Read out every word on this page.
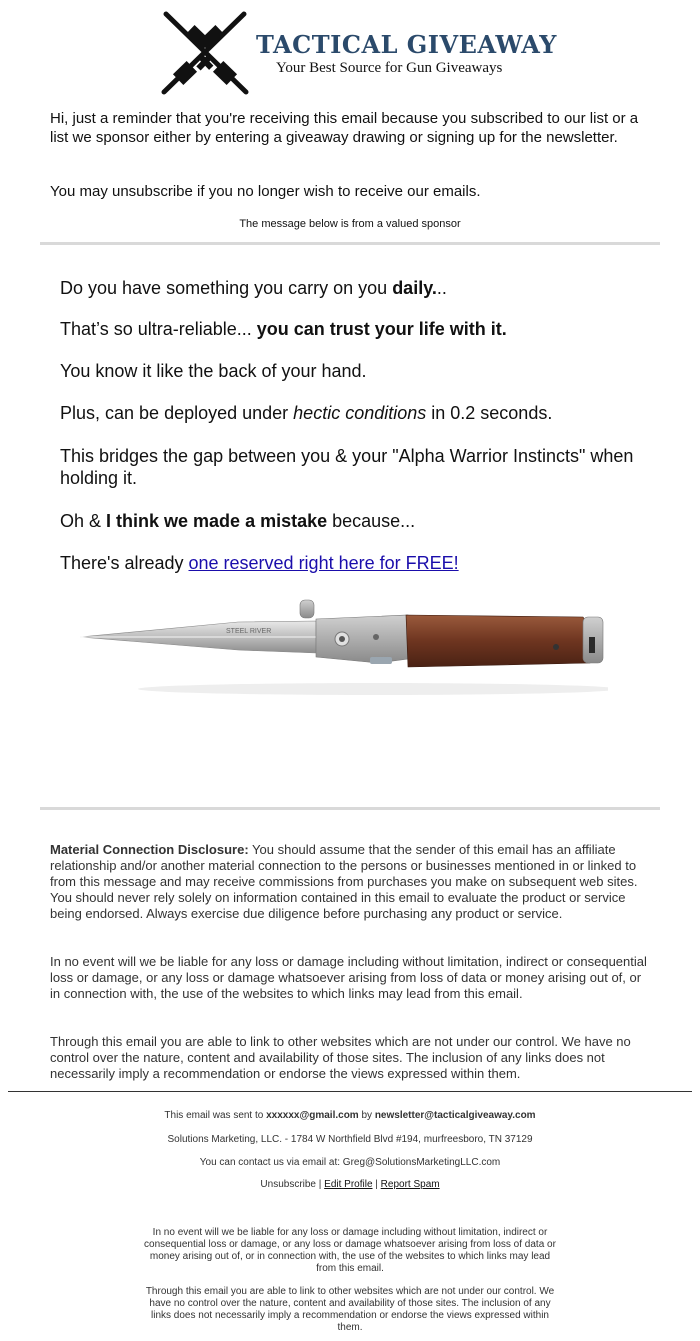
TACTICAL GIVEAWAY
Your Best Source for Gun Giveaways
Hi, just a reminder that you're receiving this email because you subscribed to our list or a list we sponsor either by entering a giveaway drawing or signing up for the newsletter.
You may unsubscribe if you no longer wish to receive our emails.
The message below is from a valued sponsor
Do you have something you carry on you daily...
That’s so ultra-reliable... you can trust your life with it.
You know it like the back of your hand.
Plus, can be deployed under hectic conditions in 0.2 seconds.
This bridges the gap between you & your "Alpha Warrior Instincts" when holding it.
Oh & I think we made a mistake because...
There's already one reserved right here for FREE!
STEEL RIVER
Material Connection Disclosure: You should assume that the sender of this email has an affiliate relationship and/or another material connection to the persons or businesses mentioned in or linked to from this message and may receive commissions from purchases you make on subsequent web sites. You should never rely solely on information contained in this email to evaluate the product or service being endorsed. Always exercise due diligence before purchasing any product or service.
In no event will we be liable for any loss or damage including without limitation, indirect or consequential loss or damage, or any loss or damage whatsoever arising from loss of data or money arising out of, or in connection with, the use of the websites to which links may lead from this email.
Through this email you are able to link to other websites which are not under our control. We have no control over the nature, content and availability of those sites. The inclusion of any links does not necessarily imply a recommendation or endorse the views expressed within them.
This email was sent to xxxxxx@gmail.com by newsletter@tacticalgiveaway.com
Solutions Marketing, LLC. - 1784 W Northfield Blvd #194, murfreesboro, TN 37129
You can contact us via email at: Greg@SolutionsMarketingLLC.com
Unsubscribe | Edit Profile | Report Spam
In no event will we be liable for any loss or damage including without limitation, indirect or consequential loss or damage, or any loss or damage whatsoever arising from loss of data or money arising out of, or in connection with, the use of the websites to which links may lead from this email.
Through this email you are able to link to other websites which are not under our control. We have no control over the nature, content and availability of those sites. The inclusion of any links does not necessarily imply a recommendation or endorse the views expressed within them.
